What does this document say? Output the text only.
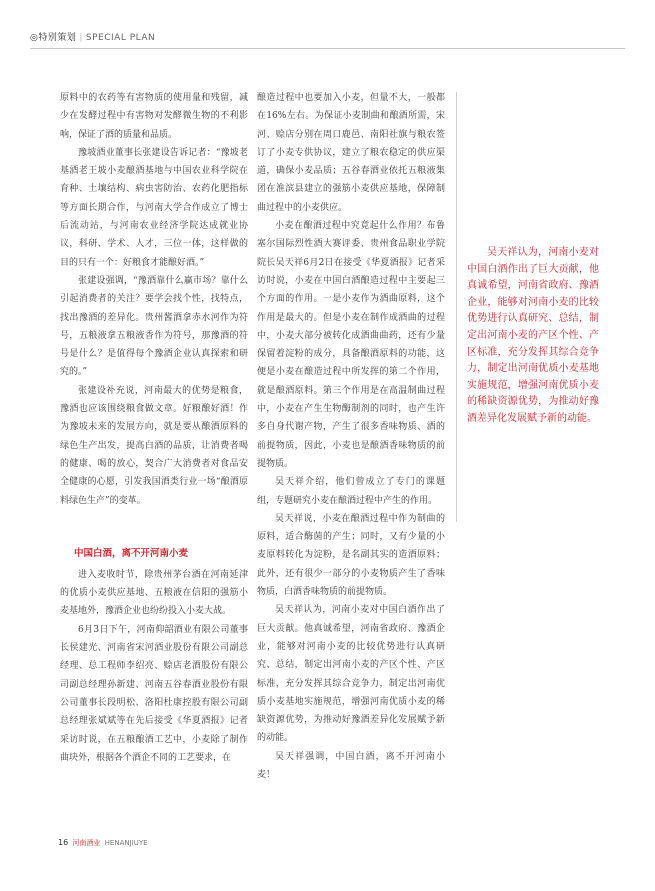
◎特别策划 | SPECIAL PLAN

原料中的农药等有害物质的使用量和残留，减少在发酵过程中有害物对发酵微生物的不利影响，保证了酒的质量和品质。

豫坡酒业董事长张建设告诉记者：“豫坡老基酒老王坡小麦酿酒基地与中国农业科学院在育种、土壤结构、病虫害防治、农药化肥指标等方面长期合作，与河南大学合作成立了博士后流动站，与河南农业经济学院达成就业协议，科研、学术、人才，三位一体，这样做的目的只有一个：好粮食才能酿好酒。”

张建设强调，“豫酒靠什么赢市场？靠什么引起消费者的关注？要学会找个性，找特点，找出豫酒的差异化。贵州酱酒拿赤水河作为符号，五粮液拿五粮液香作为符号，那豫酒的符号是什么？是值得每个豫酒企业认真探索和研究的。”

张建设补充说，河南最大的优势是粮食，豫酒也应该围绕粮食做文章。好粮酿好酒！作为豫坡未来的发展方向，就是要从酿酒原料的绿色生产出发，提高白酒的品质，让消费者喝的健康、喝的放心，契合广大消费者对食品安全健康的心愿，引发我国酒类行业一场“酿酒原料绿色生产”的变革。

中国白酒，离不开河南小麦

进入麦收时节，除贵州茅台酒在河南延津的优质小麦供应基地、五粮液在信阳的强筋小麦基地外，豫酒企业也纷纷投入小麦大战。

6月3日下午，河南仰韶酒业有限公司董事长侯建光、河南省宋河酒业股份有限公司副总经理、总工程师李绍亮、赊店老酒股份有限公司副总经理孙新建、河南五谷春酒业股份有限公司董事长段明松、洛阳杜康控股有限公司副总经理张斌斌等在先后接受《华夏酒报》记者采访时说，在五粮酿酒工艺中，小麦除了制作曲块外，根据各个酒企不同的工艺要求，在

酿造过程中也要加入小麦，但量不大，一般都在16%左右。为保证小麦制曲和酿酒所需，宋河、赊店分别在周口鹿邑、南阳社旗与粮农签订了小麦专供协议，建立了粮农稳定的供应渠道，确保小麦品质；五谷春酒业依托五粮液集团在淮滨县建立的强筋小麦供应基地，保障制曲过程中的小麦供应。

小麦在酿酒过程中究竟起什么作用？布鲁塞尔国际烈性酒大赛评委、贵州食品职业学院院长吴天祥6月2日在接受《华夏酒报》记者采访时说，小麦在中国白酒酿造过程中主要起三个方面的作用。一是小麦作为酒曲原料，这个作用是最大的。但是小麦在制作成酒曲的过程中，小麦大部分被转化成酒曲曲药，还有少量保留着淀粉的成分，具备酿酒原料的功能，这便是小麦在酿造过程中所发挥的第二个作用，就是酿酒原料。第三个作用是在高温制曲过程中，小麦在产生生物酶制剂的同时，也产生许多自身代谢产物，产生了很多香味物质、酒的前提物质，因此，小麦也是酿酒香味物质的前提物质。

吴天祥介绍，他们曾成立了专门的课题组，专题研究小麦在酿酒过程中产生的作用。

吴天祥说，小麦在酿酒过程中作为制曲的原料，适合酶菌的产生；同时，又有少量的小麦原料转化为淀粉，是名副其实的造酒原料；此外，还有很少一部分的小麦物质产生了香味物质，白酒香味物质的前提物质。

吴天祥认为，河南小麦对中国白酒作出了巨大贡献。他真诚希望，河南省政府、豫酒企业，能够对河南小麦的比较优势进行认真研究、总结，制定出河南小麦的产区个性、产区标准，充分发挥其综合竞争力，制定出河南优质小麦基地实施规范，增强河南优质小麦的稀缺资源优势，为推动好豫酒差异化发展赋予新的动能。

吴天祥强调，中国白酒，离不开河南小麦！

吴天祥认为，河南小麦对中国白酒作出了巨大贡献，他真诚希望，河南省政府、豫酒企业，能够对河南小麦的比较优势进行认真研究、总结，制定出河南小麦的产区个性、产区标准，充分发挥其综合竞争力，制定出河南优质小麦基地实施规范，增强河南优质小麦的稀缺资源优势，为推动好豫酒差异化发展赋予新的动能。

16 河南酒业 HENANJIUYE
